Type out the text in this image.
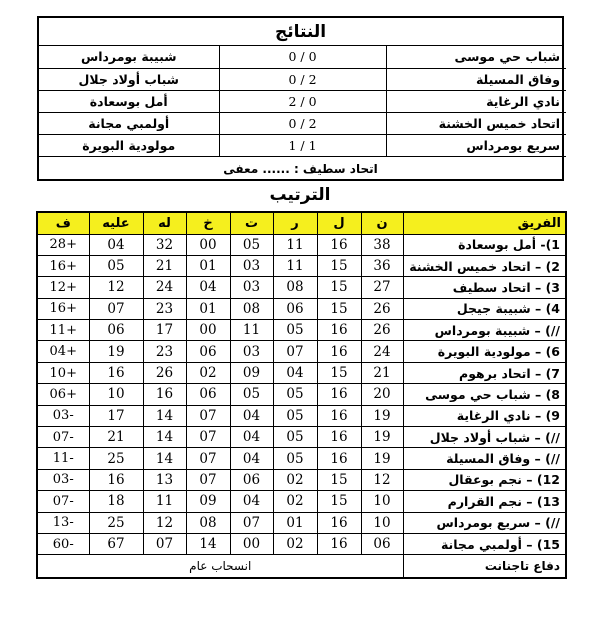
النتائج
شبيبة بومرداس	0 / 0	شباب حي موسى
شباب أولاد جلال	0 / 2	وفاق المسيلة
أمل بوسعادة	2 / 0	نادي الرغاية
أولمبي مجانة	0 / 2	اتحاد خميس الخشنة
مولودية البويرة	1 / 1	سريع بومرداس
اتحاد سطيف : ...... معفى
الترتيب
ف	عليه	له	خ	ت	ر	ل	ن	الفريق
28+	04	32	00	05	11	16	38	1)- أمل بوسعادة
16+	05	21	01	03	11	15	36	2) – اتحاد خميس الخشنة
12+	12	24	04	03	08	15	27	3) – اتحاد سطيف
16+	07	23	01	08	06	15	26	4) – شبيبة جيجل
11+	06	17	00	11	05	16	26	//) – شبيبة بومرداس
04+	19	23	06	03	07	16	24	6) – مولودية البويرة
10+	16	26	02	09	04	15	21	7) – اتحاد برهوم
06+	10	16	06	05	05	16	20	8) – شباب حي موسى
03-	17	14	07	04	05	16	19	9) – نادي الرغاية
07-	21	14	07	04	05	16	19	//) – شباب أولاد جلال
11-	25	14	07	04	05	16	19	//) – وفاق المسيلة
03-	16	13	07	06	02	15	12	12) – نجم بوعقال
07-	18	11	09	04	02	15	10	13) – نجم القرارم
13-	25	12	08	07	01	16	10	//) – سريع بومرداس
60-	67	07	14	00	02	16	06	15) – أولمبي مجانة
انسحاب عام								دفاع تاجنانت
